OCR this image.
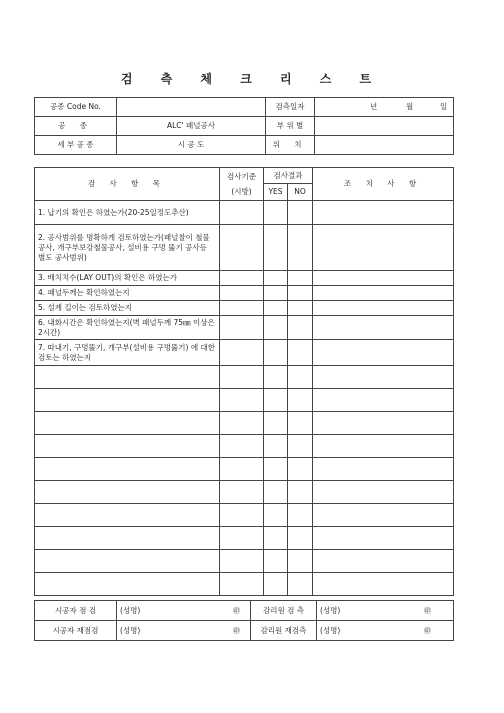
검 측 체 크 리 스 트
공종 Code No.		검측일자	년 월 일

공 종	ALC' 패널공사	부 위 별	
세 부 공 종	시 공 도	위 치	
검 사 항 목	검사기준
(시방)	검사결과		조 치 사 항
		YES	NO	
1. 납기의 확인은 하였는가(20-25일정도추산)				
2. 공사범위를 명확하게 검토하였는가(패널찰이 철물공사, 개구부보강철물공사, 설비용 구멍 뚫기 공사등 별도 공사범위)				
3. 배치치수(LAY OUT)의 확인은 하였는가				
4. 패널두께는 확인하였는지				
5. 설계 길이는 검토하였는지				
6. 내화시간은 확인하였는지(벽 패널두께 75㎜ 이상은 2시간)				
7. 따내기, 구멍뚫기, 개구부(설비용 구멍뚫기) 에 대한 검토는 하였는지				

시공자 점 검	(성명) ㊞	감리원 검 측	(성명) ㊞

시공자 재점검	(성명) ㊞	감리원 재검측	(성명) ㊞
